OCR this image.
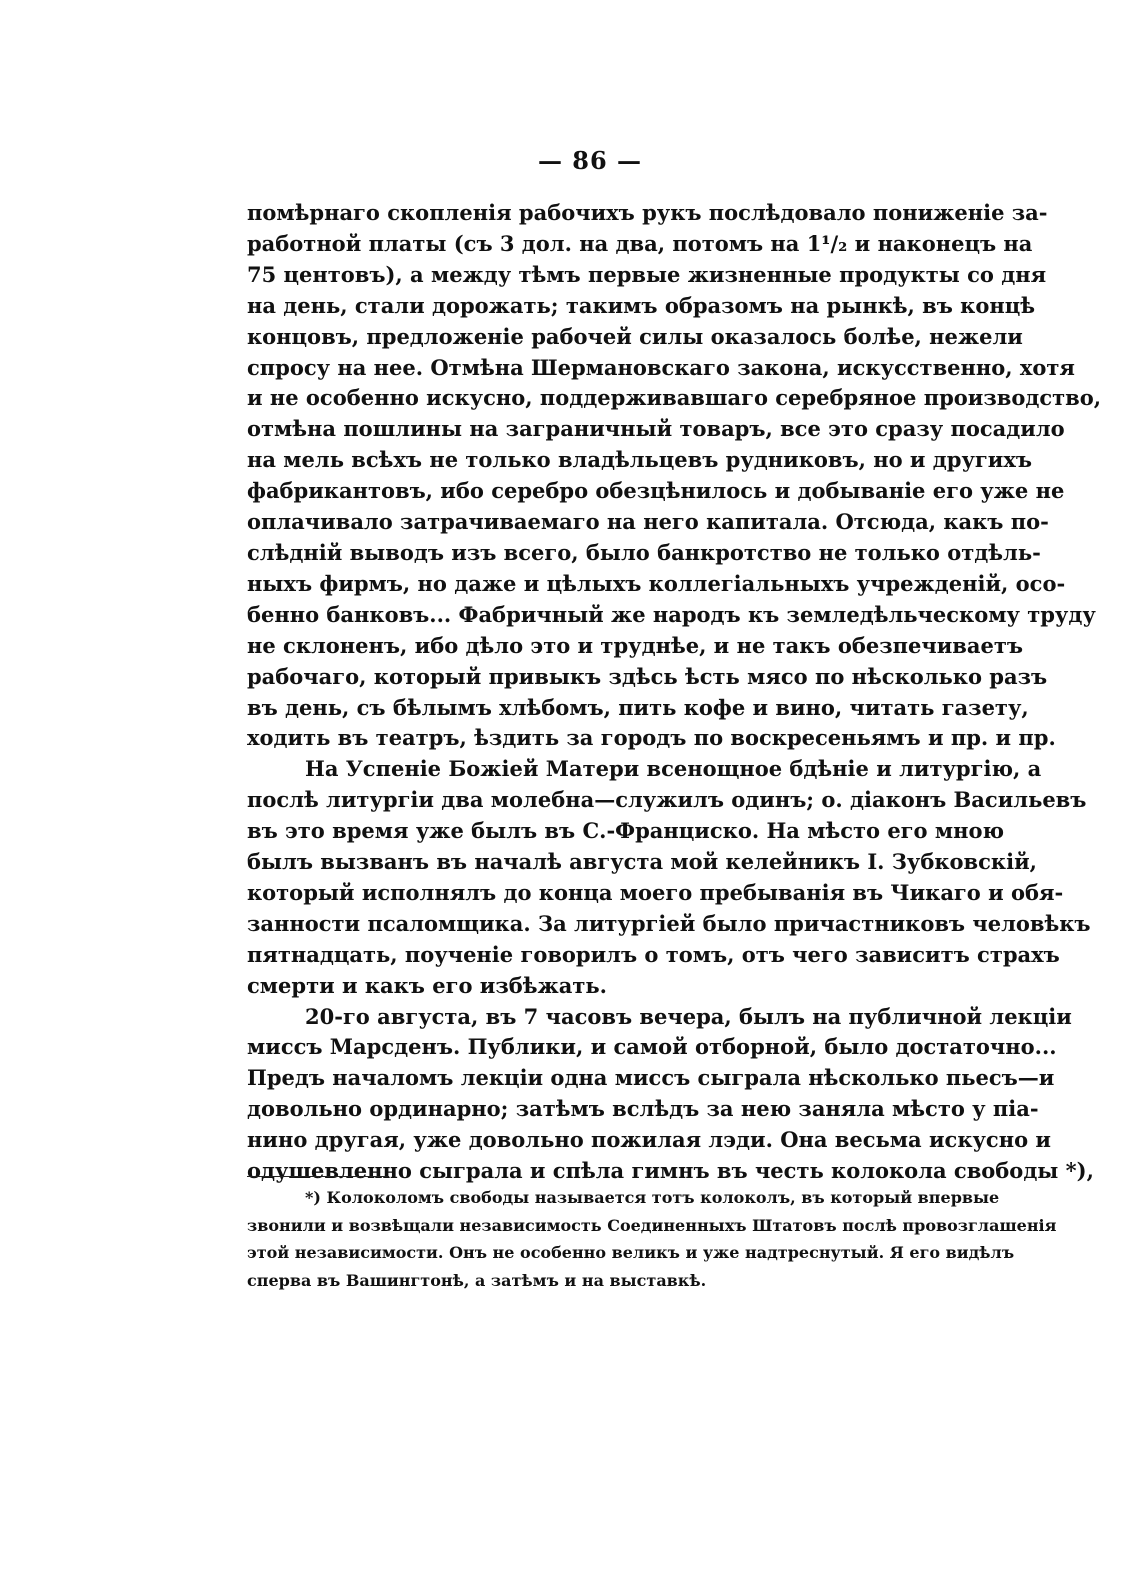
— 86 —
помѣрнаго скопленія рабочихъ рукъ послѣдовало пониженіе за-
работной платы (съ 3 дол. на два, потомъ на 1¹/₂ и наконецъ на
75 центовъ), а между тѣмъ первые жизненные продукты со дня
на день, стали дорожать; такимъ образомъ на рынкѣ, въ концѣ
концовъ, предложеніе рабочей силы оказалось болѣе, нежели
спросу на нее. Отмѣна Шермановскаго закона, искусственно, хотя
и не особенно искусно, поддерживавшаго серебряное производство,
отмѣна пошлины на заграничный товаръ, все это сразу посадило
на мель всѣхъ не только владѣльцевъ рудниковъ, но и другихъ
фабрикантовъ, ибо серебро обезцѣнилось и добываніе его уже не
оплачивало затрачиваемаго на него капитала. Отсюда, какъ по-
слѣдній выводъ изъ всего, было банкротство не только отдѣль-
ныхъ фирмъ, но даже и цѣлыхъ коллегіальныхъ учрежденій, осо-
бенно банковъ... Фабричный же народъ къ земледѣльческому труду
не склоненъ, ибо дѣло это и труднѣе, и не такъ обезпечиваетъ
рабочаго, который привыкъ здѣсь ѣсть мясо по нѣсколько разъ
въ день, съ бѣлымъ хлѣбомъ, пить кофе и вино, читать газету,
ходить въ театръ, ѣздить за городъ по воскресеньямъ и пр. и пр.
На Успеніе Божіей Матери всенощное бдѣніе и литургію, а
послѣ литургіи два молебна—служилъ одинъ; о. діаконъ Васильевъ
въ это время уже былъ въ С.-Франциско. На мѣсто его мною
былъ вызванъ въ началѣ августа мой келейникъ І. Зубковскій,
который исполнялъ до конца моего пребыванія въ Чикаго и обя-
занности псаломщика. За литургіей было причастниковъ человѣкъ
пятнадцать, поученіе говорилъ о томъ, отъ чего зависитъ страхъ
смерти и какъ его избѣжать.
20-го августа, въ 7 часовъ вечера, былъ на публичной лекціи
миссъ Марсденъ. Публики, и самой отборной, было достаточно...
Предъ началомъ лекціи одна миссъ сыграла нѣсколько пьесъ—и
довольно ординарно; затѣмъ вслѣдъ за нею заняла мѣсто у піа-
нино другая, уже довольно пожилая лэди. Она весьма искусно и
одушевленно сыграла и спѣла гимнъ въ честь колокола свободы *),
*) Колоколомъ свободы называется тотъ колоколъ, въ который впервые
звонили и возвѣщали независимость Соединенныхъ Штатовъ послѣ провозглашенія
этой независимости. Онъ не особенно великъ и уже надтреснутый. Я его видѣлъ
сперва въ Вашингтонѣ, а затѣмъ и на выставкѣ.
